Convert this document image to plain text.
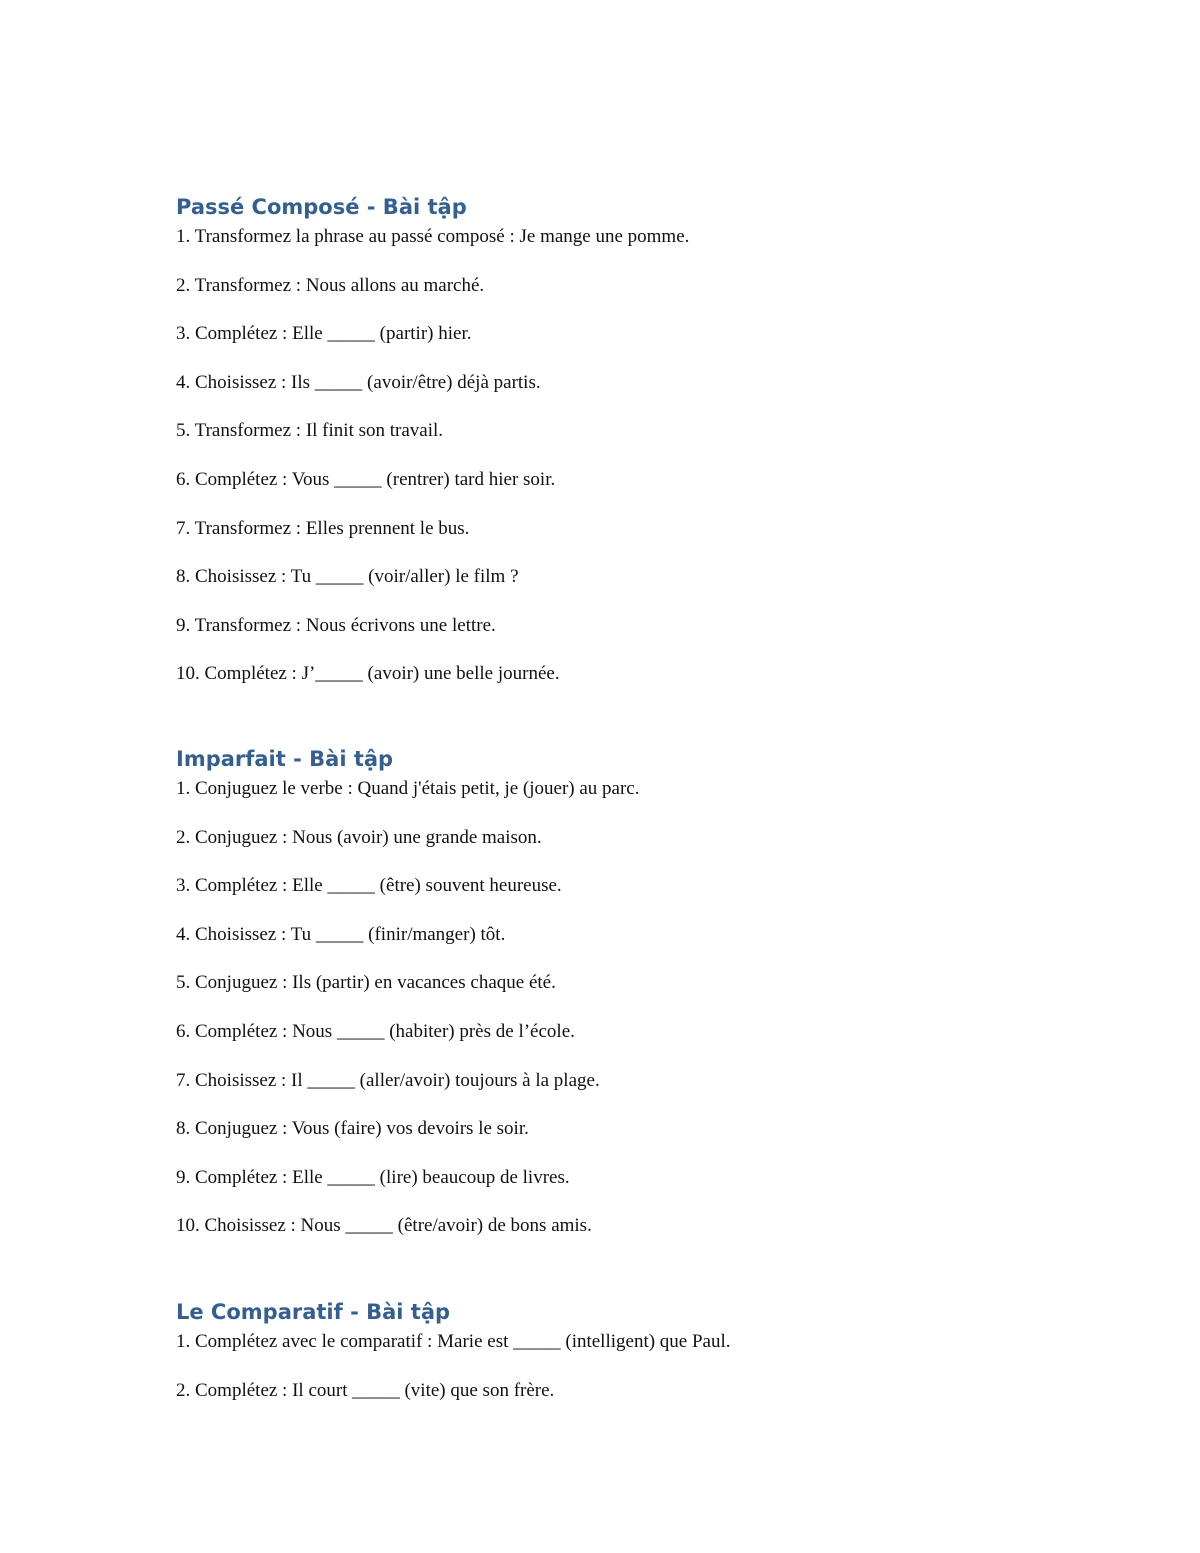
Passé Composé - Bài tập
1. Transformez la phrase au passé composé : Je mange une pomme.
2. Transformez : Nous allons au marché.
3. Complétez : Elle _____ (partir) hier.
4. Choisissez : Ils _____ (avoir/être) déjà partis.
5. Transformez : Il finit son travail.
6. Complétez : Vous _____ (rentrer) tard hier soir.
7. Transformez : Elles prennent le bus.
8. Choisissez : Tu _____ (voir/aller) le film ?
9. Transformez : Nous écrivons une lettre.
10. Complétez : J’_____ (avoir) une belle journée.
Imparfait - Bài tập
1. Conjuguez le verbe : Quand j'étais petit, je (jouer) au parc.
2. Conjuguez : Nous (avoir) une grande maison.
3. Complétez : Elle _____ (être) souvent heureuse.
4. Choisissez : Tu _____ (finir/manger) tôt.
5. Conjuguez : Ils (partir) en vacances chaque été.
6. Complétez : Nous _____ (habiter) près de l’école.
7. Choisissez : Il _____ (aller/avoir) toujours à la plage.
8. Conjuguez : Vous (faire) vos devoirs le soir.
9. Complétez : Elle _____ (lire) beaucoup de livres.
10. Choisissez : Nous _____ (être/avoir) de bons amis.
Le Comparatif - Bài tập
1. Complétez avec le comparatif : Marie est _____ (intelligent) que Paul.
2. Complétez : Il court _____ (vite) que son frère.
